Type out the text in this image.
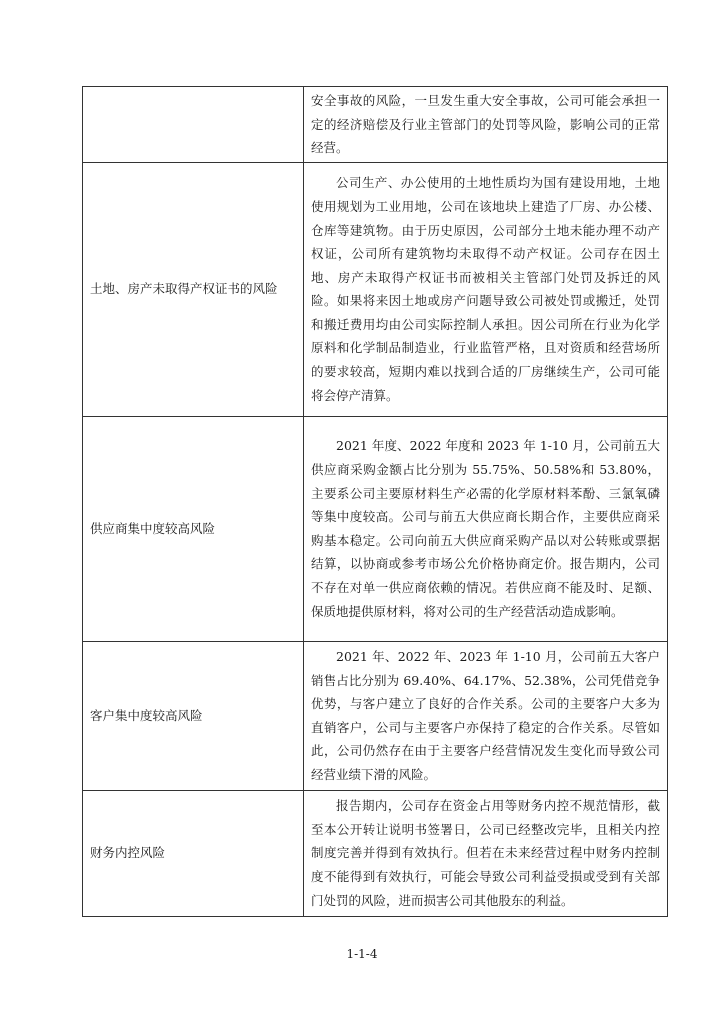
	安全事故的风险，一旦发生重大安全事故，公司可能会承担一定的经济赔偿及行业主管部门的处罚等风险，影响公司的正常经营。

土地、房产未取得产权证书的风险	公司生产、办公使用的土地性质均为国有建设用地，土地使用规划为工业用地，公司在该地块上建造了厂房、办公楼、仓库等建筑物。由于历史原因，公司部分土地未能办理不动产权证，公司所有建筑物均未取得不动产权证。公司存在因土地、房产未取得产权证书而被相关主管部门处罚及拆迁的风险。如果将来因土地或房产问题导致公司被处罚或搬迁，处罚和搬迁费用均由公司实际控制人承担。因公司所在行业为化学原料和化学制品制造业，行业监管严格，且对资质和经营场所的要求较高，短期内难以找到合适的厂房继续生产，公司可能将会停产清算。

供应商集中度较高风险	2021 年度、2022 年度和 2023 年 1-10 月，公司前五大供应商采购金额占比分别为 55.75%、50.58%和 53.80%，主要系公司主要原材料生产必需的化学原材料苯酚、三氯氧磷等集中度较高。公司与前五大供应商长期合作，主要供应商采购基本稳定。公司向前五大供应商采购产品以对公转账或票据结算，以协商或参考市场公允价格协商定价。报告期内，公司不存在对单一供应商依赖的情况。若供应商不能及时、足额、保质地提供原材料，将对公司的生产经营活动造成影响。

客户集中度较高风险	2021 年、2022 年、2023 年 1-10 月，公司前五大客户销售占比分别为 69.40%、64.17%、52.38%，公司凭借竞争优势，与客户建立了良好的合作关系。公司的主要客户大多为直销客户，公司与主要客户亦保持了稳定的合作关系。尽管如此，公司仍然存在由于主要客户经营情况发生变化而导致公司经营业绩下滑的风险。

财务内控风险	报告期内，公司存在资金占用等财务内控不规范情形，截至本公开转让说明书签署日，公司已经整改完毕，且相关内控制度完善并得到有效执行。但若在未来经营过程中财务内控制度不能得到有效执行，可能会导致公司利益受损或受到有关部门处罚的风险，进而损害公司其他股东的利益。

1-1-4
